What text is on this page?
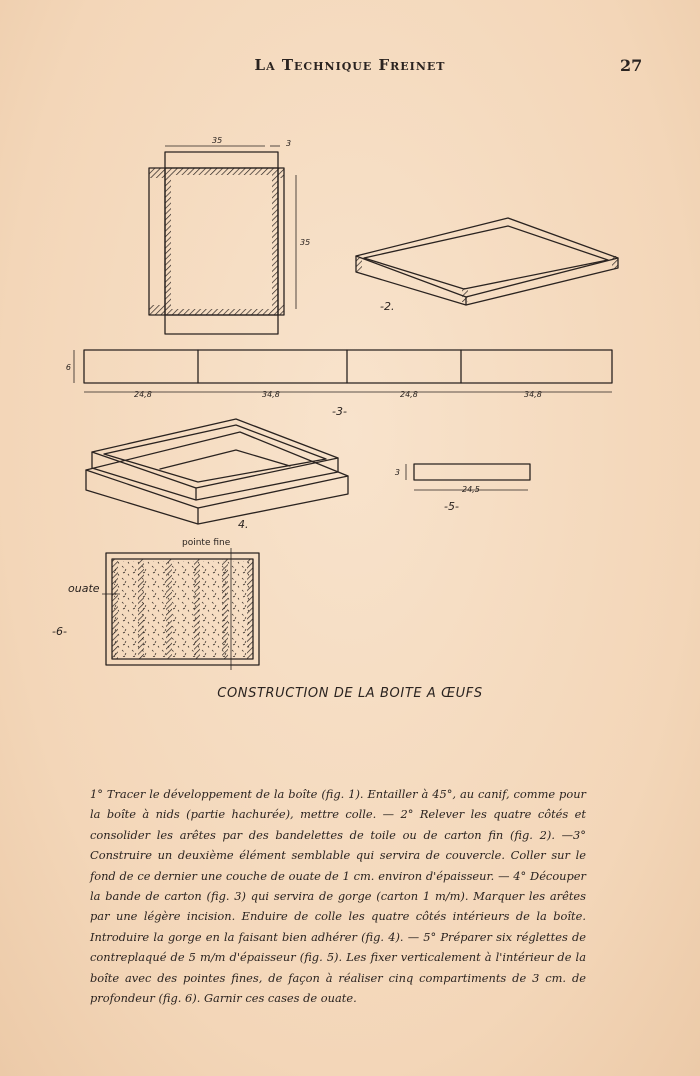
La Technique Freinet	27
35	3
35
-2.
6
24,8	34,8	24,8	34,8
-3-
4.
3
24,5
-5-
pointe fine
ouate
-6-
CONSTRUCTION DE LA BOITE A ŒUFS

1° Tracer le développement de la boîte (fig. 1). Entailler à 45°, au canif, comme pour la boîte à nids (partie hachurée), mettre colle. — 2° Relever les quatre côtés et consolider les arêtes par des bandelettes de toile ou de carton fin (fig. 2). —3° Construire un deuxième élément semblable qui servira de couvercle. Coller sur le fond de ce dernier une couche de ouate de 1 cm. environ d'épaisseur. — 4° Découper la bande de carton (fig. 3) qui servira de gorge (carton 1 m/m). Marquer les arêtes par une légère incision. Enduire de colle les quatre côtés intérieurs de la boîte. Introduire la gorge en la faisant bien adhérer (fig. 4). — 5° Préparer six réglettes de contreplaqué de 5 m/m d'épaisseur (fig. 5). Les fixer verticalement à l'intérieur de la boîte avec des pointes fines, de façon à réaliser cinq compartiments de 3 cm. de profondeur (fig. 6). Garnir ces cases de ouate.
